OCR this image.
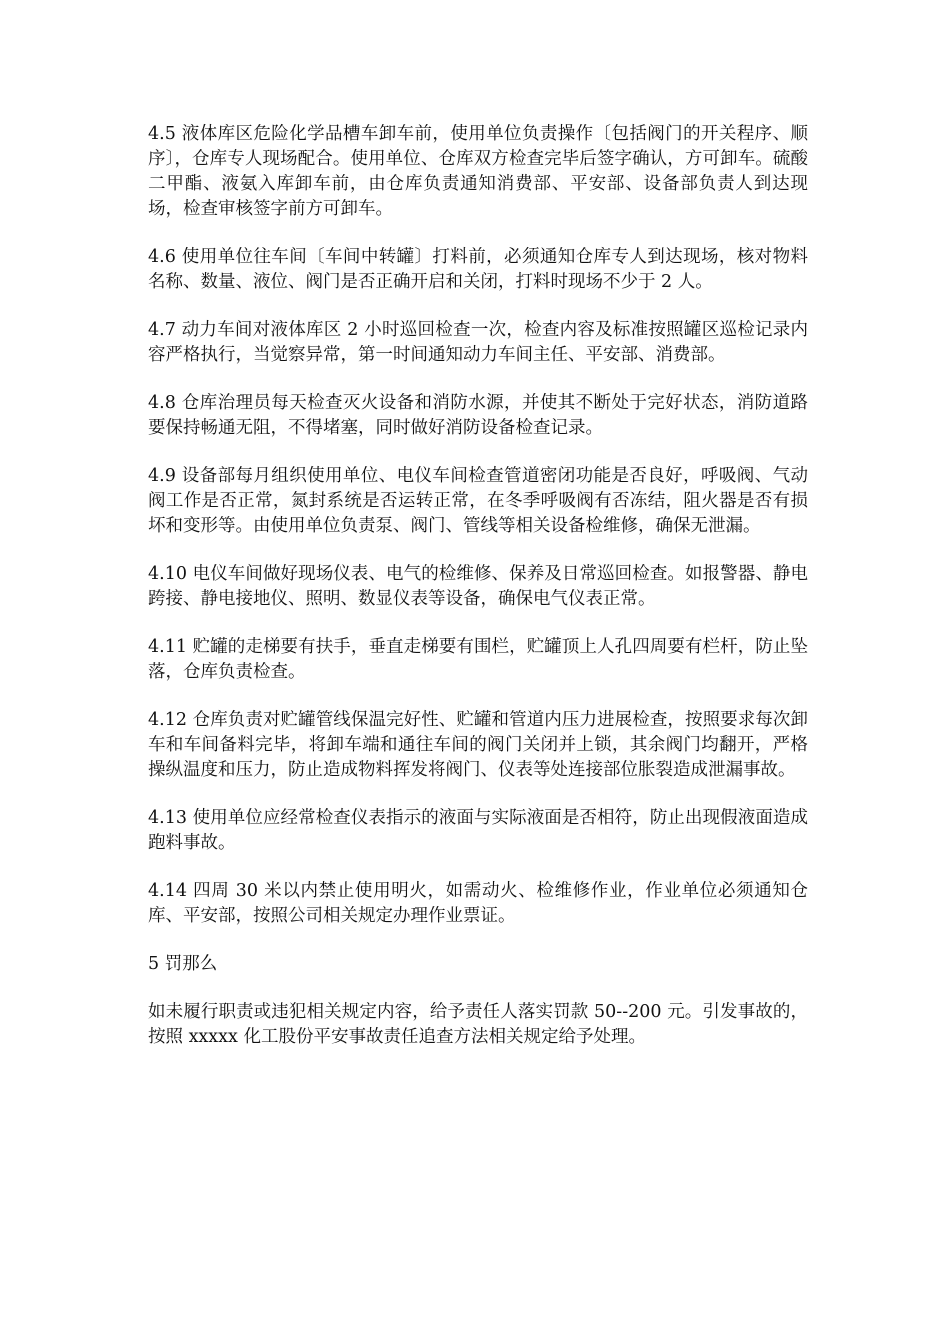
4.5 液体库区危险化学品槽车卸车前，使用单位负责操作〔包括阀门的开关程序、顺序〕，仓库专人现场配合。使用单位、仓库双方检查完毕后签字确认，方可卸车。硫酸二甲酯、液氨入库卸车前，由仓库负责通知消费部、平安部、设备部负责人到达现场，检查审核签字前方可卸车。

4.6 使用单位往车间〔车间中转罐〕打料前，必须通知仓库专人到达现场，核对物料名称、数量、液位、阀门是否正确开启和关闭，打料时现场不少于 2 人。

4.7 动力车间对液体库区 2 小时巡回检查一次，检查内容及标准按照罐区巡检记录内容严格执行，当觉察异常，第一时间通知动力车间主任、平安部、消费部。

4.8 仓库治理员每天检查灭火设备和消防水源，并使其不断处于完好状态，消防道路要保持畅通无阻，不得堵塞，同时做好消防设备检查记录。

4.9 设备部每月组织使用单位、电仪车间检查管道密闭功能是否良好，呼吸阀、气动阀工作是否正常，氮封系统是否运转正常，在冬季呼吸阀有否冻结，阻火器是否有损坏和变形等。由使用单位负责泵、阀门、管线等相关设备检维修，确保无泄漏。

4.10 电仪车间做好现场仪表、电气的检维修、保养及日常巡回检查。如报警器、静电跨接、静电接地仪、照明、数显仪表等设备，确保电气仪表正常。

4.11 贮罐的走梯要有扶手，垂直走梯要有围栏，贮罐顶上人孔四周要有栏杆，防止坠落，仓库负责检查。

4.12 仓库负责对贮罐管线保温完好性、贮罐和管道内压力进展检查，按照要求每次卸车和车间备料完毕，将卸车端和通往车间的阀门关闭并上锁，其余阀门均翻开，严格操纵温度和压力，防止造成物料挥发将阀门、仪表等处连接部位胀裂造成泄漏事故。

4.13 使用单位应经常检查仪表指示的液面与实际液面是否相符，防止出现假液面造成跑料事故。

4.14 四周 30 米以内禁止使用明火，如需动火、检维修作业，作业单位必须通知仓库、平安部，按照公司相关规定办理作业票证。

5 罚那么

如未履行职责或违犯相关规定内容，给予责任人落实罚款 50--200 元。引发事故的，按照 xxxxx 化工股份平安事故责任追查方法相关规定给予处理。
